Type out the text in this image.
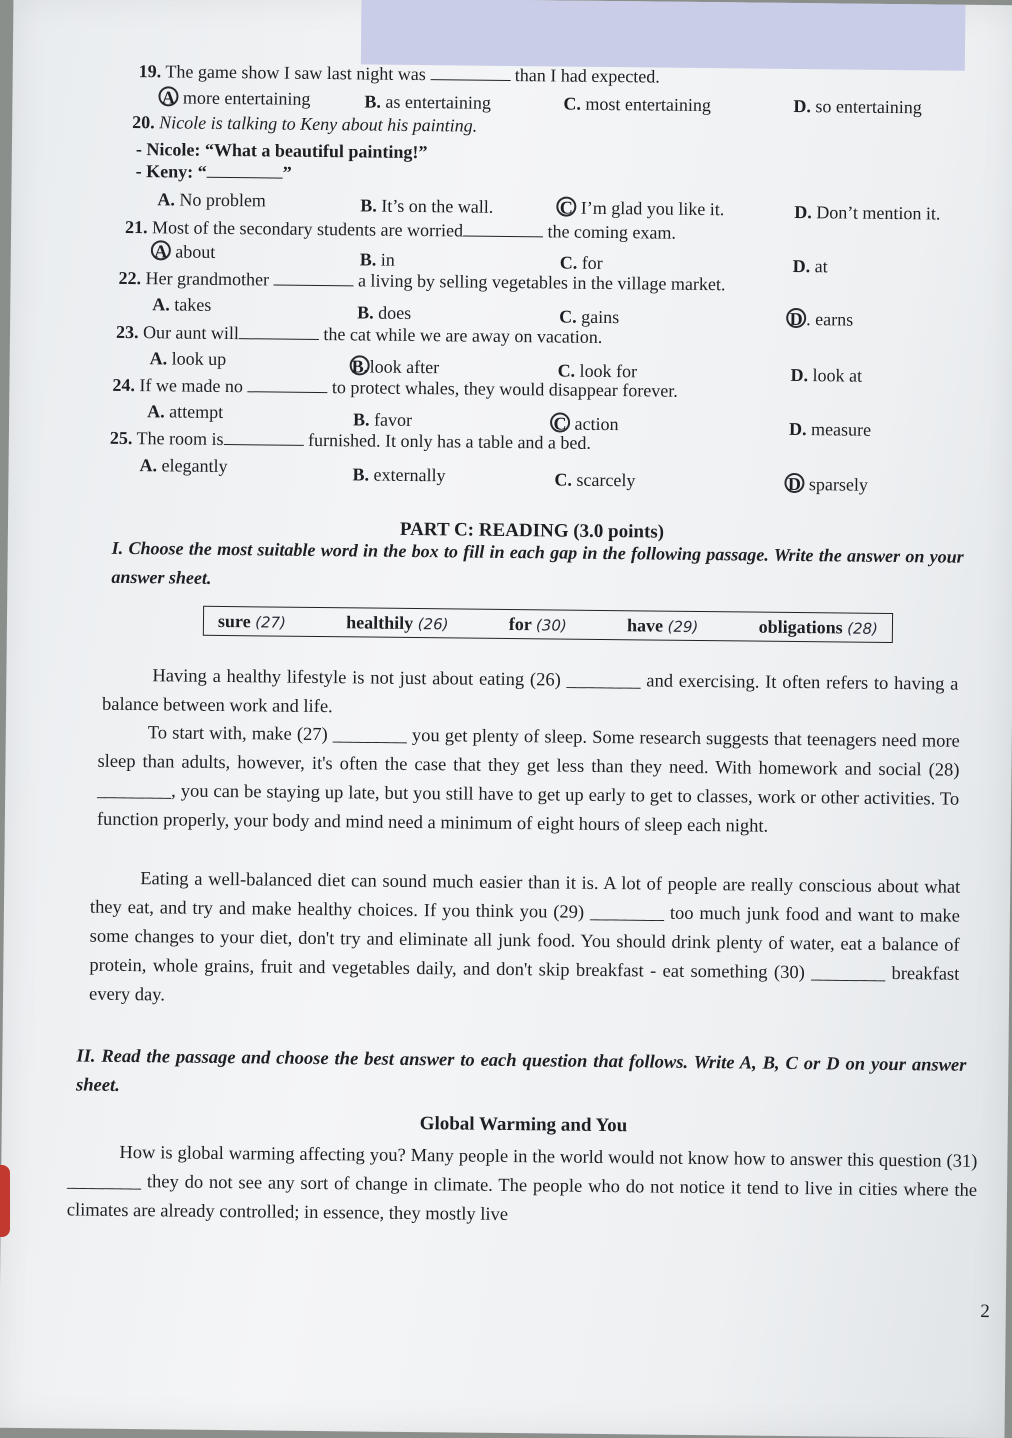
19. The game show I saw last night was	than I had expected.
A more entertaining	B. as entertaining	C. most entertaining	D. so entertaining
20. Nicole is talking to Keny about his painting.
- Nicole: “What a beautiful painting!”
- Keny: “	”
A. No problem	B. It’s on the wall.	C I’m glad you like it.	D. Don’t mention it.
21. Most of the secondary students are worried	the coming exam.
A about	B. in	C. for	D. at
22. Her grandmother	a living by selling vegetables in the village market.
A. takes	B. does	C. gains	D . earns
23. Our aunt will	the cat while we are away on vacation.
A. look up	B.look after	C. look for	D. look at
24. If we made no	to protect whales, they would disappear forever.
A. attempt	B. favor	C action	D. measure
25. The room is	furnished. It only has a table and a bed.
A. elegantly	B. externally	C. scarcely	D sparsely
PART C: READING (3.0 points)
I. Choose the most suitable word in the box to fill in each gap in the following passage. Write the answer on your answer sheet.
sure (27)	healthily (26)	for (30)	have (29)	obligations (28)
Having a healthy lifestyle is not just about eating (26) ________ and exercising. It often refers to having a balance between work and life.
To start with, make (27) ________ you get plenty of sleep. Some research suggests that teenagers need more sleep than adults, however, it's often the case that they get less than they need. With homework and social (28) ________, you can be staying up late, but you still have to get up early to get to classes, work or other activities. To function properly, your body and mind need a minimum of eight hours of sleep each night.
Eating a well-balanced diet can sound much easier than it is. A lot of people are really conscious about what they eat, and try and make healthy choices. If you think you (29) ________ too much junk food and want to make some changes to your diet, don't try and eliminate all junk food. You should drink plenty of water, eat a balance of protein, whole grains, fruit and vegetables daily, and don't skip breakfast - eat something (30) ________ breakfast every day.
II. Read the passage and choose the best answer to each question that follows. Write A, B, C or D on your answer sheet.
Global Warming and You
How is global warming affecting you? Many people in the world would not know how to answer this question (31) ________ they do not see any sort of change in climate. The people who do not notice it tend to live in cities where the climates are already controlled; in essence, they mostly live
2
